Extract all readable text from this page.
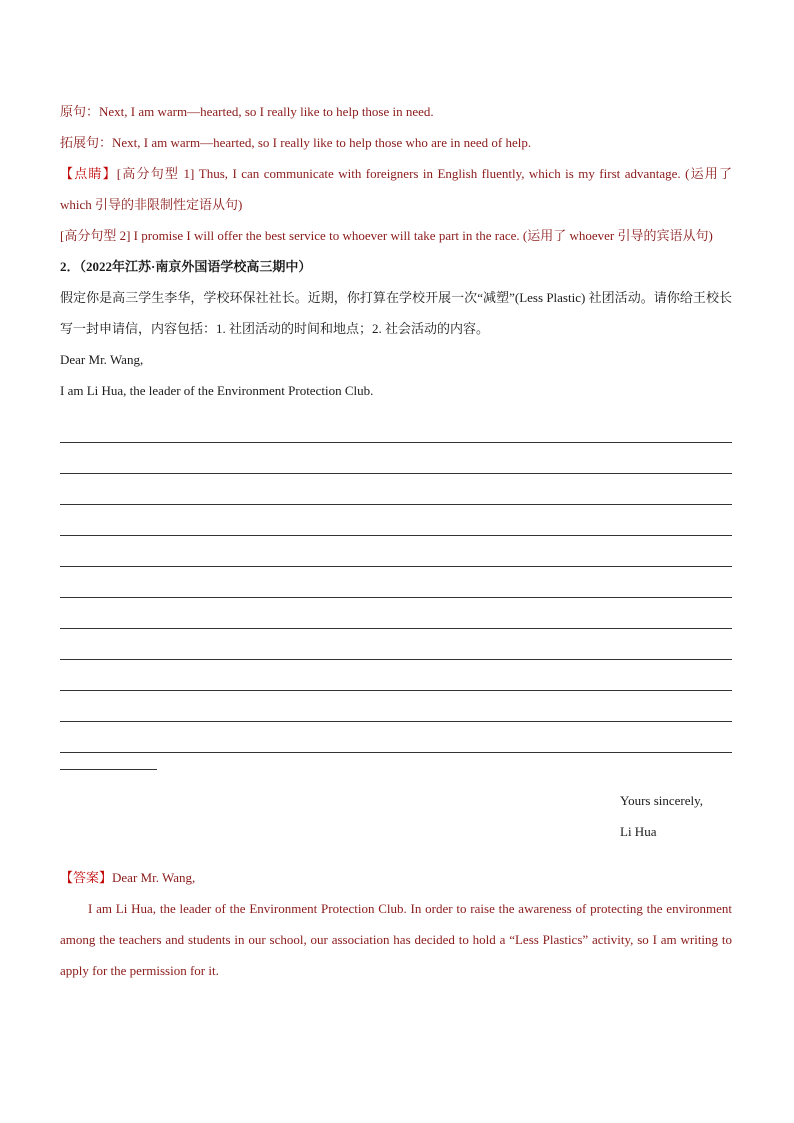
原句：Next, I am warm—hearted, so I really like to help those in need.

拓展句：Next, I am warm—hearted, so I really like to help those who are in need of help.

【点睛】[高分句型 1] Thus, I can communicate with foreigners in English fluently, which is my first advantage. (运用了 which 引导的非限制性定语从句)

[高分句型 2] I promise I will offer the best service to whoever will take part in the race. (运用了 whoever 引导的宾语从句)

2．（2022年江苏·南京外国语学校高三期中）

假定你是高三学生李华，学校环保社社长。近期，你打算在学校开展一次“减塑”(Less Plastic) 社团活动。请你给王校长写一封申请信，内容包括：1. 社团活动的时间和地点；2. 社会活动的内容。

Dear Mr. Wang,

I am Li Hua, the leader of the Environment Protection Club.

Yours sincerely,
Li Hua

【答案】Dear Mr. Wang,

I am Li Hua, the leader of the Environment Protection Club. In order to raise the awareness of protecting the environment among the teachers and students in our school, our association has decided to hold a “Less Plastics” activity, so I am writing to apply for the permission for it.
